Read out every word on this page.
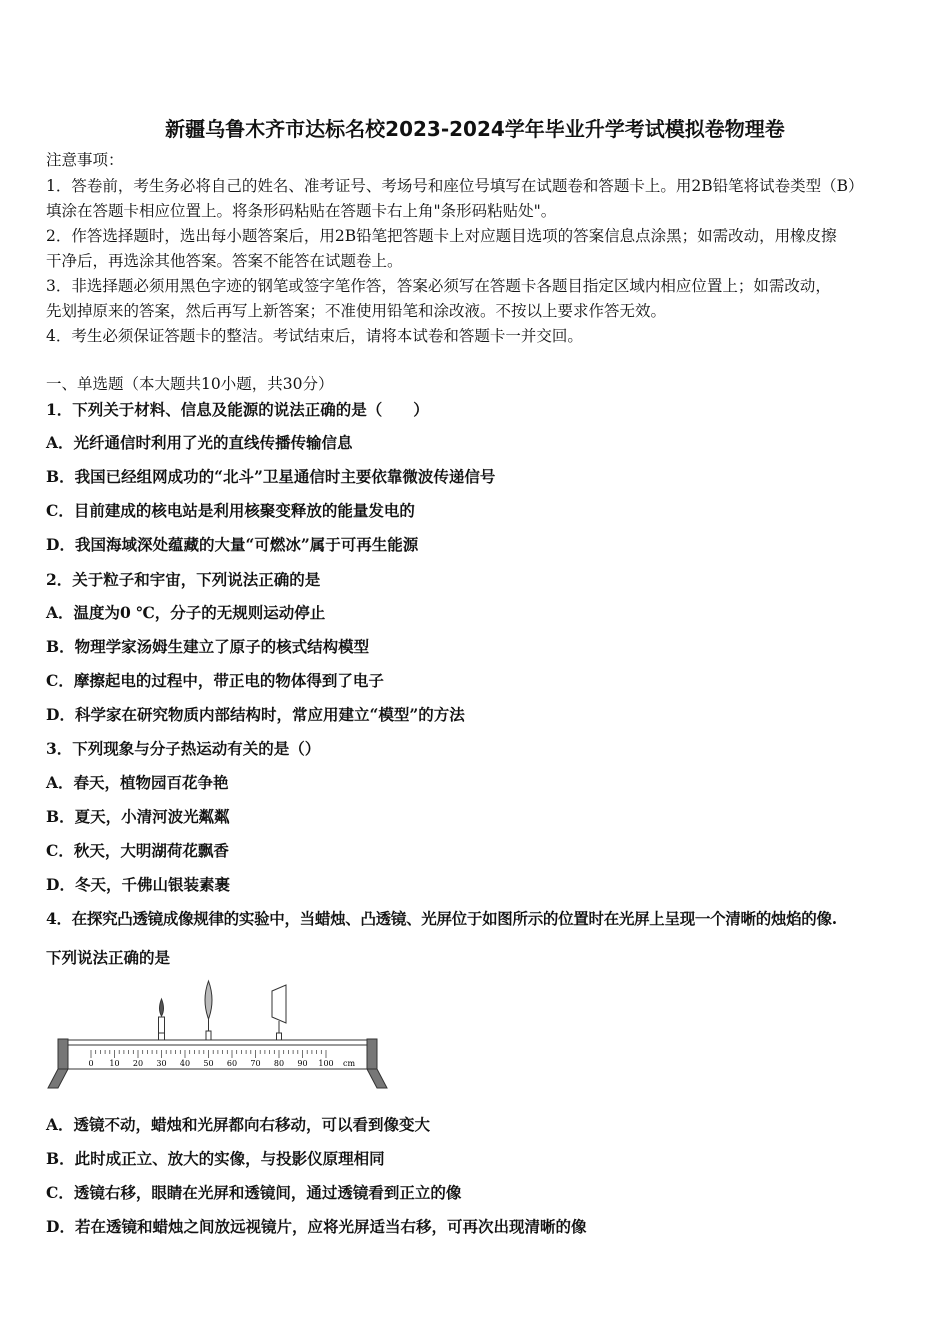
新疆乌鲁木齐市达标名校2023-2024学年毕业升学考试模拟卷物理卷
注意事项：
1．答卷前，考生务必将自己的姓名、准考证号、考场号和座位号填写在试题卷和答题卡上。用2B铅笔将试卷类型（B）
填涂在答题卡相应位置上。将条形码粘贴在答题卡右上角"条形码粘贴处"。
2．作答选择题时，选出每小题答案后，用2B铅笔把答题卡上对应题目选项的答案信息点涂黑；如需改动，用橡皮擦
干净后，再选涂其他答案。答案不能答在试题卷上。
3．非选择题必须用黑色字迹的钢笔或签字笔作答，答案必须写在答题卡各题目指定区域内相应位置上；如需改动，
先划掉原来的答案，然后再写上新答案；不准使用铅笔和涂改液。不按以上要求作答无效。
4．考生必须保证答题卡的整洁。考试结束后，请将本试卷和答题卡一并交回。
一、单选题（本大题共10小题，共30分）
1．下列关于材料、信息及能源的说法正确的是（　　）
A．光纤通信时利用了光的直线传播传输信息
B．我国已经组网成功的“北斗”卫星通信时主要依靠微波传递信号
C．目前建成的核电站是利用核聚变释放的能量发电的
D．我国海域深处蕴藏的大量“可燃冰”属于可再生能源
2．关于粒子和宇宙，下列说法正确的是
A．温度为0 ℃，分子的无规则运动停止
B．物理学家汤姆生建立了原子的核式结构模型
C．摩擦起电的过程中，带正电的物体得到了电子
D．科学家在研究物质内部结构时，常应用建立“模型”的方法
3．下列现象与分子热运动有关的是（）
A．春天，植物园百花争艳
B．夏天，小清河波光粼粼
C．秋天，大明湖荷花飘香
D．冬天，千佛山银装素裹
4．在探究凸透镜成像规律的实验中，当蜡烛、凸透镜、光屏位于如图所示的位置时在光屏上呈现一个清晰的烛焰的像.
下列说法正确的是
0 10 20 30 40 50 60 70 80 90 100 cm
A．透镜不动，蜡烛和光屏都向右移动，可以看到像变大
B．此时成正立、放大的实像，与投影仪原理相同
C．透镜右移，眼睛在光屏和透镜间，通过透镜看到正立的像
D．若在透镜和蜡烛之间放远视镜片，应将光屏适当右移，可再次出现清晰的像
